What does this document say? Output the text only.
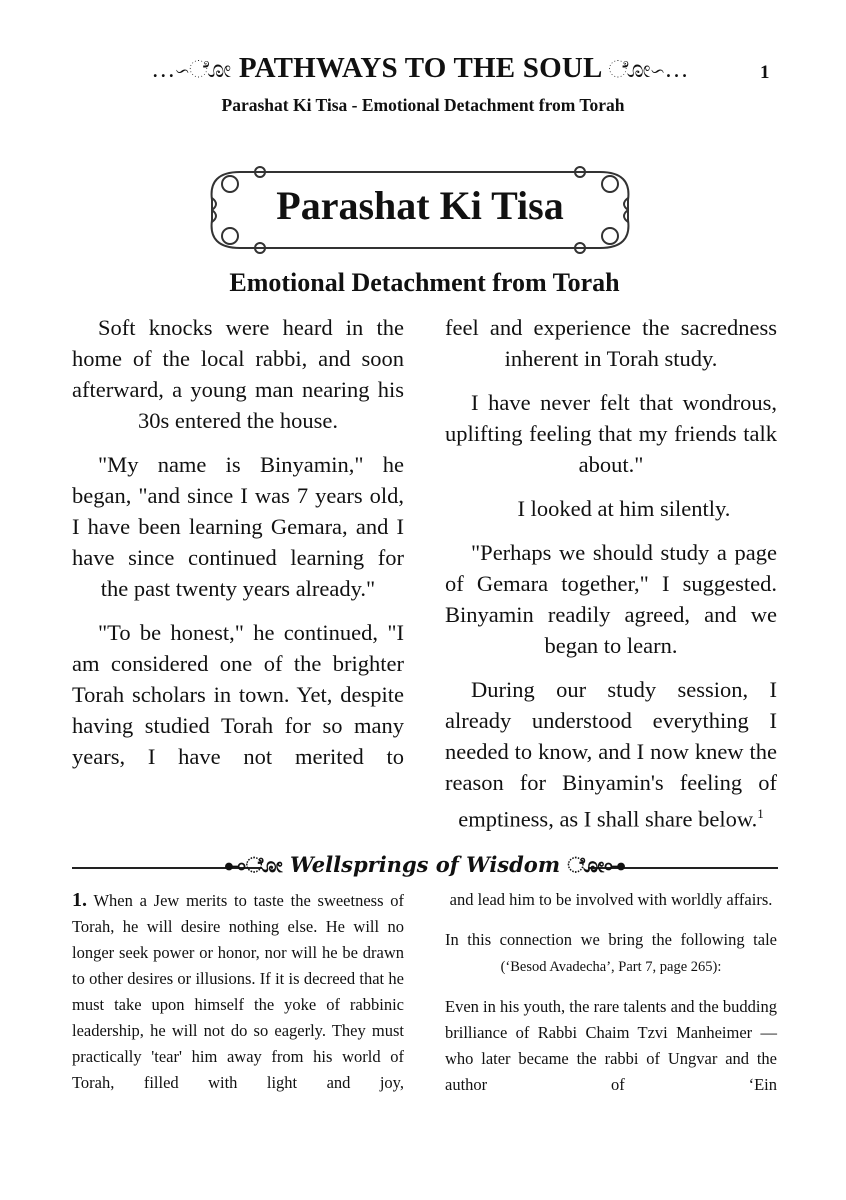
…∽ೋ PATHWAYS TO THE SOUL ೋ∽…	1
Parashat Ki Tisa - Emotional Detachment from Torah
Parashat Ki Tisa
Emotional Detachment from Torah

Soft knocks were heard in the home of the local rabbi, and soon afterward, a young man nearing his 30s entered the house.

"My name is Binyamin," he began, "and since I was 7 years old, I have been learning Gemara, and I have since continued learning for the past twenty years already."

"To be honest," he continued, "I am considered one of the brighter Torah scholars in town. Yet, despite having studied Torah for so many years, I have not merited to

feel and experience the sacredness inherent in Torah study.

I have never felt that wondrous, uplifting feeling that my friends talk about."

I looked at him silently.

"Perhaps we should study a page of Gemara together," I suggested. Binyamin readily agreed, and we began to learn.

During our study session, I already understood everything I needed to know, and I now knew the reason for Binyamin's feeling of emptiness, as I shall share below.$^1$

⊷ೋ Wellsprings of Wisdom ೋ⊶

1. When a Jew merits to taste the sweetness of Torah, he will desire nothing else. He will no longer seek power or honor, nor will he be drawn to other desires or illusions. If it is decreed that he must take upon himself the yoke of rabbinic leadership, he will not do so eagerly. They must practically 'tear' him away from his world of Torah, filled with light and joy,

and lead him to be involved with worldly affairs.

In this connection we bring the following tale (‘Besod Avadecha’, Part 7, page 265):

Even in his youth, the rare talents and the budding brilliance of Rabbi Chaim Tzvi Manheimer — who later became the rabbi of Ungvar and the author of ‘Ein
